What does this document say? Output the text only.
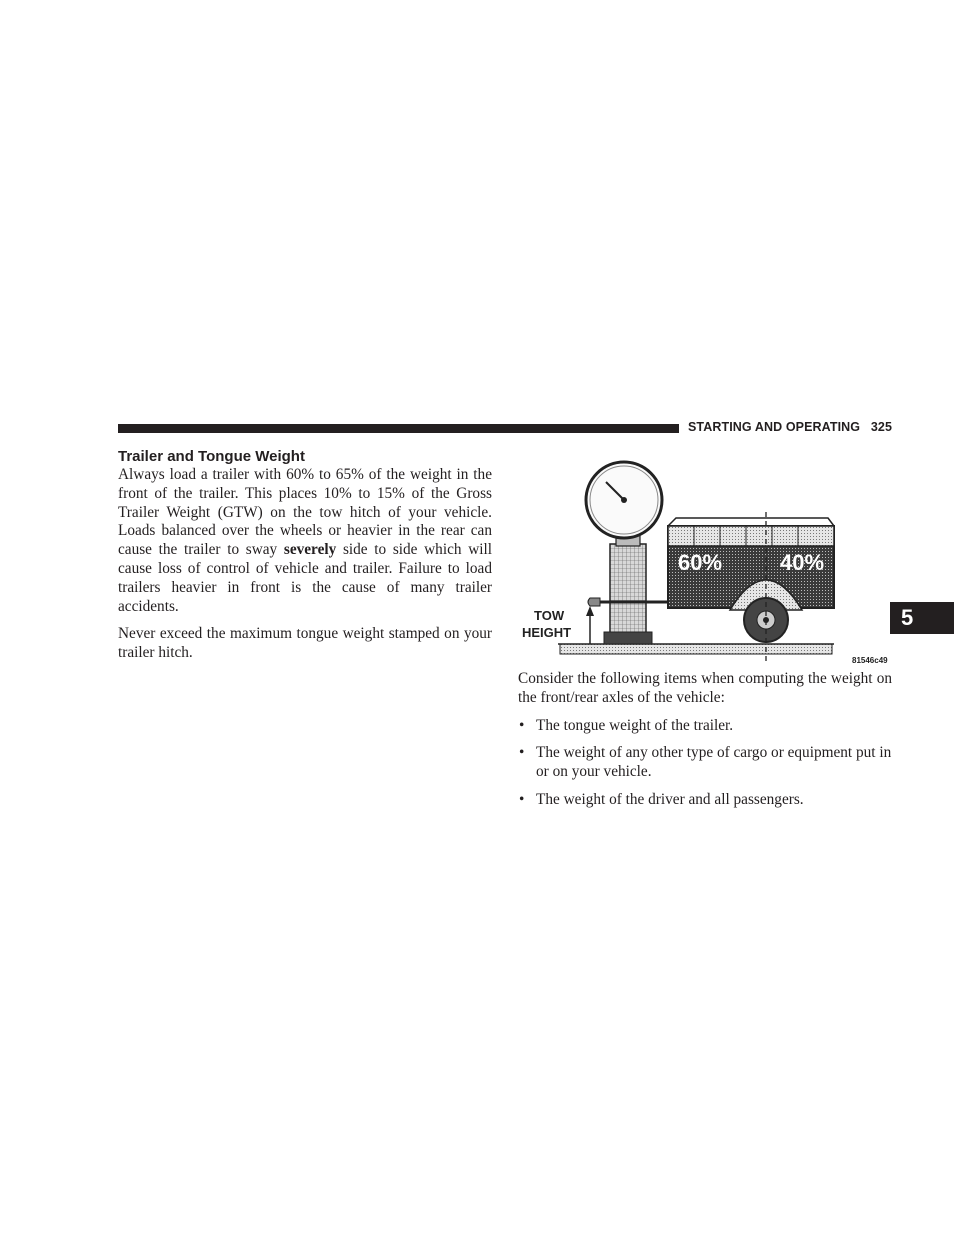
STARTING AND OPERATING 325
5
Trailer and Tongue Weight

Always load a trailer with 60% to 65% of the weight in the front of the trailer. This places 10% to 15% of the Gross Trailer Weight (GTW) on the tow hitch of your vehicle. Loads balanced over the wheels or heavier in the rear can cause the trailer to sway severely side to side which will cause loss of control of vehicle and trailer. Failure to load trailers heavier in front is the cause of many trailer accidents.

Never exceed the maximum tongue weight stamped on your trailer hitch.

60%	40%
TOW
HEIGHT
81546c49

Consider the following items when computing the weight on the front/rear axles of the vehicle:

• The tongue weight of the trailer.
• The weight of any other type of cargo or equipment put in or on your vehicle.
• The weight of the driver and all passengers.
